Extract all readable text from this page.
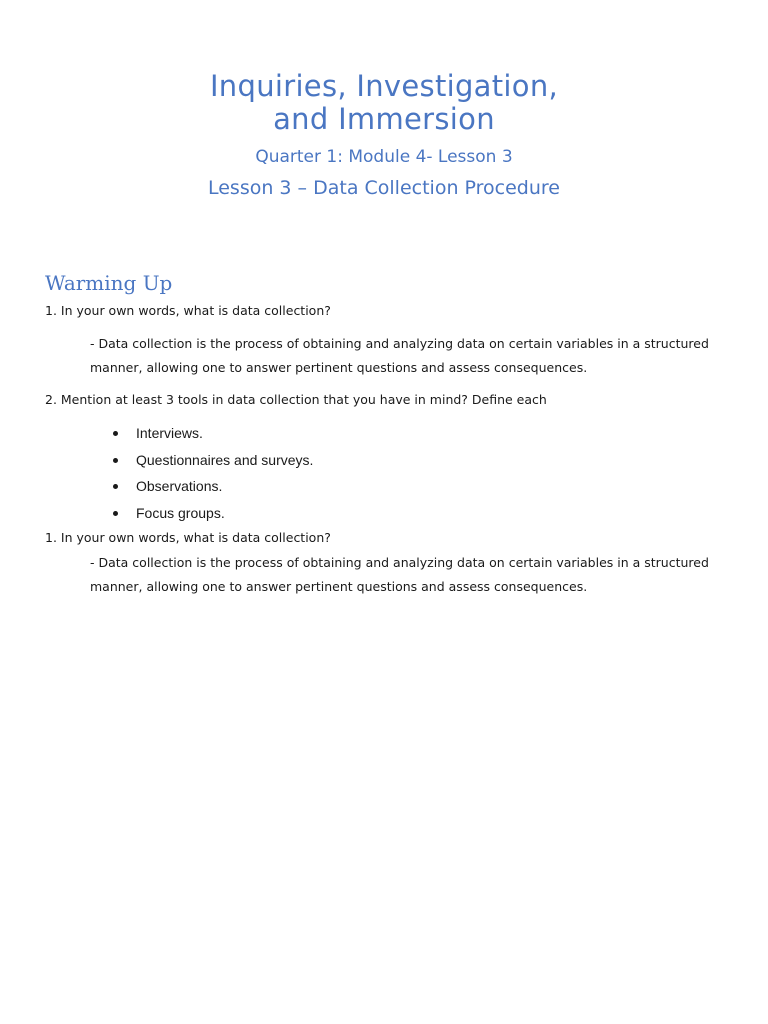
Inquiries, Investigation,
and Immersion
Quarter 1: Module 4- Lesson 3
Lesson 3 – Data Collection Procedure
Warming Up
1. In your own words, what is data collection?
- Data collection is the process of obtaining and analyzing data on certain variables in a structured manner, allowing one to answer pertinent questions and assess consequences.
2. Mention at least 3 tools in data collection that you have in mind? Define each
Interviews.
Questionnaires and surveys.
Observations.
Focus groups.
1. In your own words, what is data collection?
- Data collection is the process of obtaining and analyzing data on certain variables in a structured manner, allowing one to answer pertinent questions and assess consequences.
